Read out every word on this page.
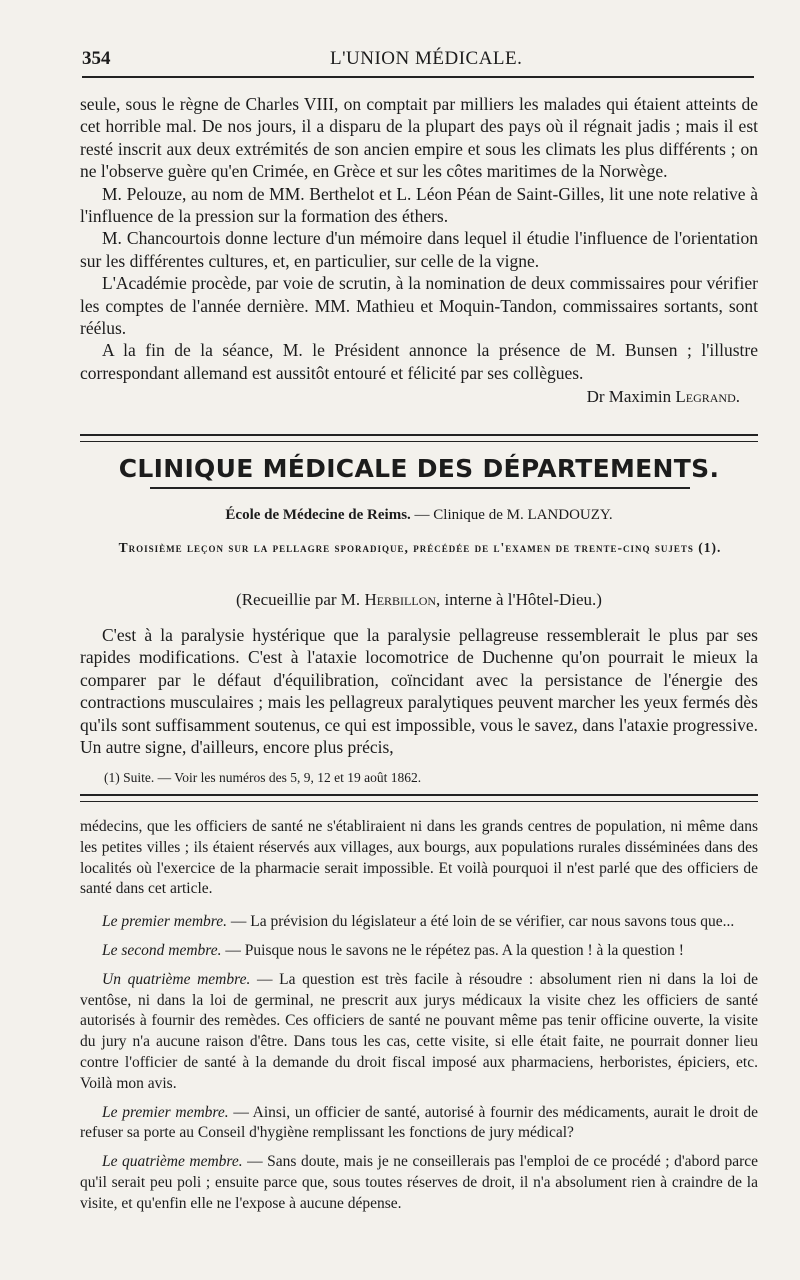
354	L'UNION MÉDICALE.

seule, sous le règne de Charles VIII, on comptait par milliers les malades qui étaient atteints de cet horrible mal. De nos jours, il a disparu de la plupart des pays où il régnait jadis ; mais il est resté inscrit aux deux extrémités de son ancien empire et sous les climats les plus différents ; on ne l'observe guère qu'en Crimée, en Grèce et sur les côtes maritimes de la Norwège.

M. Pelouze, au nom de MM. Berthelot et L. Léon Péan de Saint-Gilles, lit une note relative à l'influence de la pression sur la formation des éthers.

M. Chancourtois donne lecture d'un mémoire dans lequel il étudie l'influence de l'orientation sur les différentes cultures, et, en particulier, sur celle de la vigne.

L'Académie procède, par voie de scrutin, à la nomination de deux commissaires pour vérifier les comptes de l'année dernière. MM. Mathieu et Moquin-Tandon, commissaires sortants, sont réélus.

A la fin de la séance, M. le Président annonce la présence de M. Bunsen ; l'illustre correspondant allemand est aussitôt entouré et félicité par ses collègues.

Dr Maximin Legrand.
CLINIQUE MÉDICALE DES DÉPARTEMENTS.
École de Médecine de Reims. — Clinique de M. LANDOUZY.
Troisième leçon sur la pellagre sporadique, précédée de l'examen de trente-cinq sujets (1).
(Recueillie par M. Herbillon, interne à l'Hôtel-Dieu.)

C'est à la paralysie hystérique que la paralysie pellagreuse ressemblerait le plus par ses rapides modifications. C'est à l'ataxie locomotrice de Duchenne qu'on pourrait le mieux la comparer par le défaut d'équilibration, coïncidant avec la persistance de l'énergie des contractions musculaires ; mais les pellagreux paralytiques peuvent marcher les yeux fermés dès qu'ils sont suffisamment soutenus, ce qui est impossible, vous le savez, dans l'ataxie progressive. Un autre signe, d'ailleurs, encore plus précis,

(1) Suite. — Voir les numéros des 5, 9, 12 et 19 août 1862.

médecins, que les officiers de santé ne s'établiraient ni dans les grands centres de population, ni même dans les petites villes ; ils étaient réservés aux villages, aux bourgs, aux populations rurales disséminées dans des localités où l'exercice de la pharmacie serait impossible. Et voilà pourquoi il n'est parlé que des officiers de santé dans cet article.

Le premier membre. — La prévision du législateur a été loin de se vérifier, car nous savons tous que...

Le second membre. — Puisque nous le savons ne le répétez pas. A la question ! à la question !

Un quatrième membre. — La question est très facile à résoudre : absolument rien ni dans la loi de ventôse, ni dans la loi de germinal, ne prescrit aux jurys médicaux la visite chez les officiers de santé autorisés à fournir des remèdes. Ces officiers de santé ne pouvant même pas tenir officine ouverte, la visite du jury n'a aucune raison d'être. Dans tous les cas, cette visite, si elle était faite, ne pourrait donner lieu contre l'officier de santé à la demande du droit fiscal imposé aux pharmaciens, herboristes, épiciers, etc. Voilà mon avis.

Le premier membre. — Ainsi, un officier de santé, autorisé à fournir des médicaments, aurait le droit de refuser sa porte au Conseil d'hygiène remplissant les fonctions de jury médical?

Le quatrième membre. — Sans doute, mais je ne conseillerais pas l'emploi de ce procédé ; d'abord parce qu'il serait peu poli ; ensuite parce que, sous toutes réserves de droit, il n'a absolument rien à craindre de la visite, et qu'enfin elle ne l'expose à aucune dépense.
